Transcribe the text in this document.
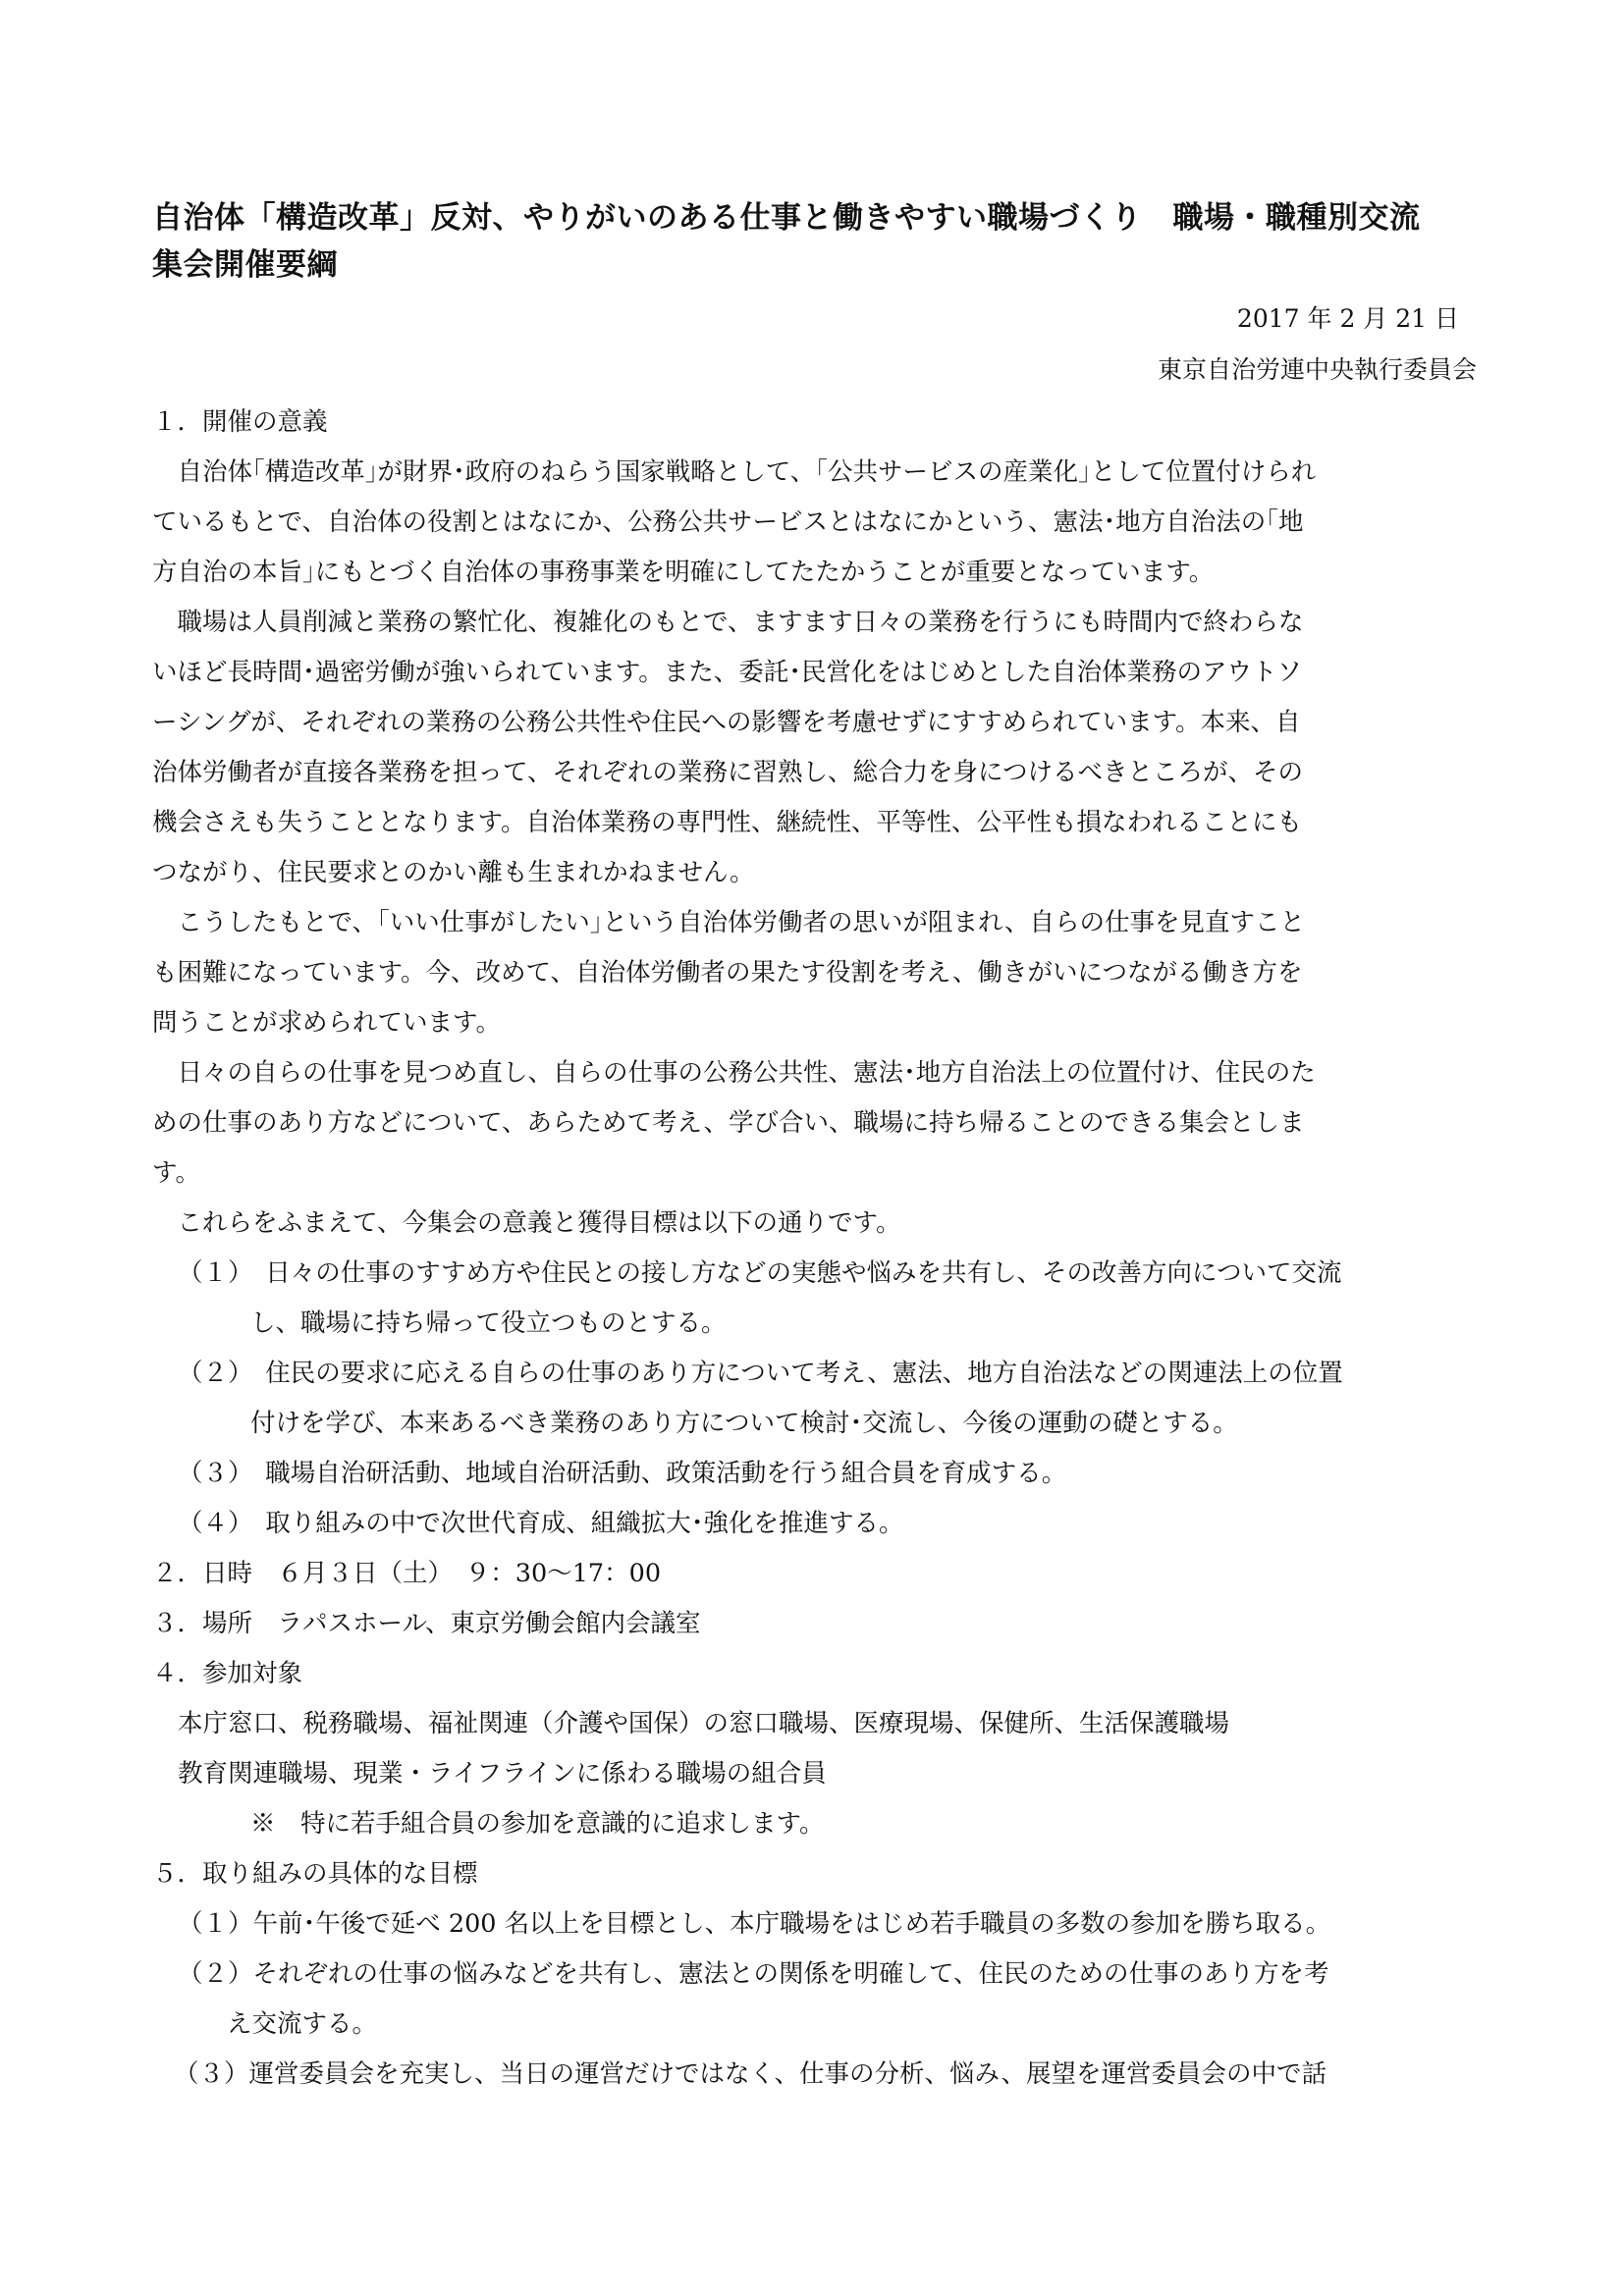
自治体「構造改革」反対、やりがいのある仕事と働きやすい職場づくり　職場・職種別交流
集会開催要綱
2017 年 2 月 21 日
東京自治労連中央執行委員会
１．開催の意義
　自治体｢構造改革｣が財界･政府のねらう国家戦略として、｢公共サービスの産業化｣として位置付けられ
ているもとで、自治体の役割とはなにか、公務公共サービスとはなにかという、憲法･地方自治法の｢地
方自治の本旨｣にもとづく自治体の事務事業を明確にしてたたかうことが重要となっています。
　職場は人員削減と業務の繁忙化、複雑化のもとで、ますます日々の業務を行うにも時間内で終わらな
いほど長時間･過密労働が強いられています。また、委託･民営化をはじめとした自治体業務のアウトソ
ーシングが、それぞれの業務の公務公共性や住民への影響を考慮せずにすすめられています。本来、自
治体労働者が直接各業務を担って、それぞれの業務に習熟し、総合力を身につけるべきところが、その
機会さえも失うこととなります。自治体業務の専門性、継続性、平等性、公平性も損なわれることにも
つながり、住民要求とのかい離も生まれかねません。
　こうしたもとで、｢いい仕事がしたい｣という自治体労働者の思いが阻まれ、自らの仕事を見直すこと
も困難になっています。今、改めて、自治体労働者の果たす役割を考え、働きがいにつながる働き方を
問うことが求められています。
　日々の自らの仕事を見つめ直し、自らの仕事の公務公共性、憲法･地方自治法上の位置付け、住民のた
めの仕事のあり方などについて、あらためて考え、学び合い、職場に持ち帰ることのできる集会としま
す。
　これらをふまえて、今集会の意義と獲得目標は以下の通りです。
（１）　日々の仕事のすすめ方や住民との接し方などの実態や悩みを共有し、その改善方向について交流
し、職場に持ち帰って役立つものとする。
（２）　住民の要求に応える自らの仕事のあり方について考え、憲法、地方自治法などの関連法上の位置
付けを学び、本来あるべき業務のあり方について検討･交流し、今後の運動の礎とする。
（３）　職場自治研活動、地域自治研活動、政策活動を行う組合員を育成する。
（４）　取り組みの中で次世代育成、組織拡大･強化を推進する。
２．日時　６月３日（土）　９：30～17：00
３．場所　ラパスホール、東京労働会館内会議室
４．参加対象
本庁窓口、税務職場、福祉関連（介護や国保）の窓口職場、医療現場、保健所、生活保護職場
教育関連職場、現業・ライフラインに係わる職場の組合員
※　特に若手組合員の参加を意識的に追求します。
５．取り組みの具体的な目標
（１）午前･午後で延べ 200 名以上を目標とし、本庁職場をはじめ若手職員の多数の参加を勝ち取る。
（２）それぞれの仕事の悩みなどを共有し、憲法との関係を明確して、住民のための仕事のあり方を考
え交流する。
（３）運営委員会を充実し、当日の運営だけではなく、仕事の分析、悩み、展望を運営委員会の中で話
